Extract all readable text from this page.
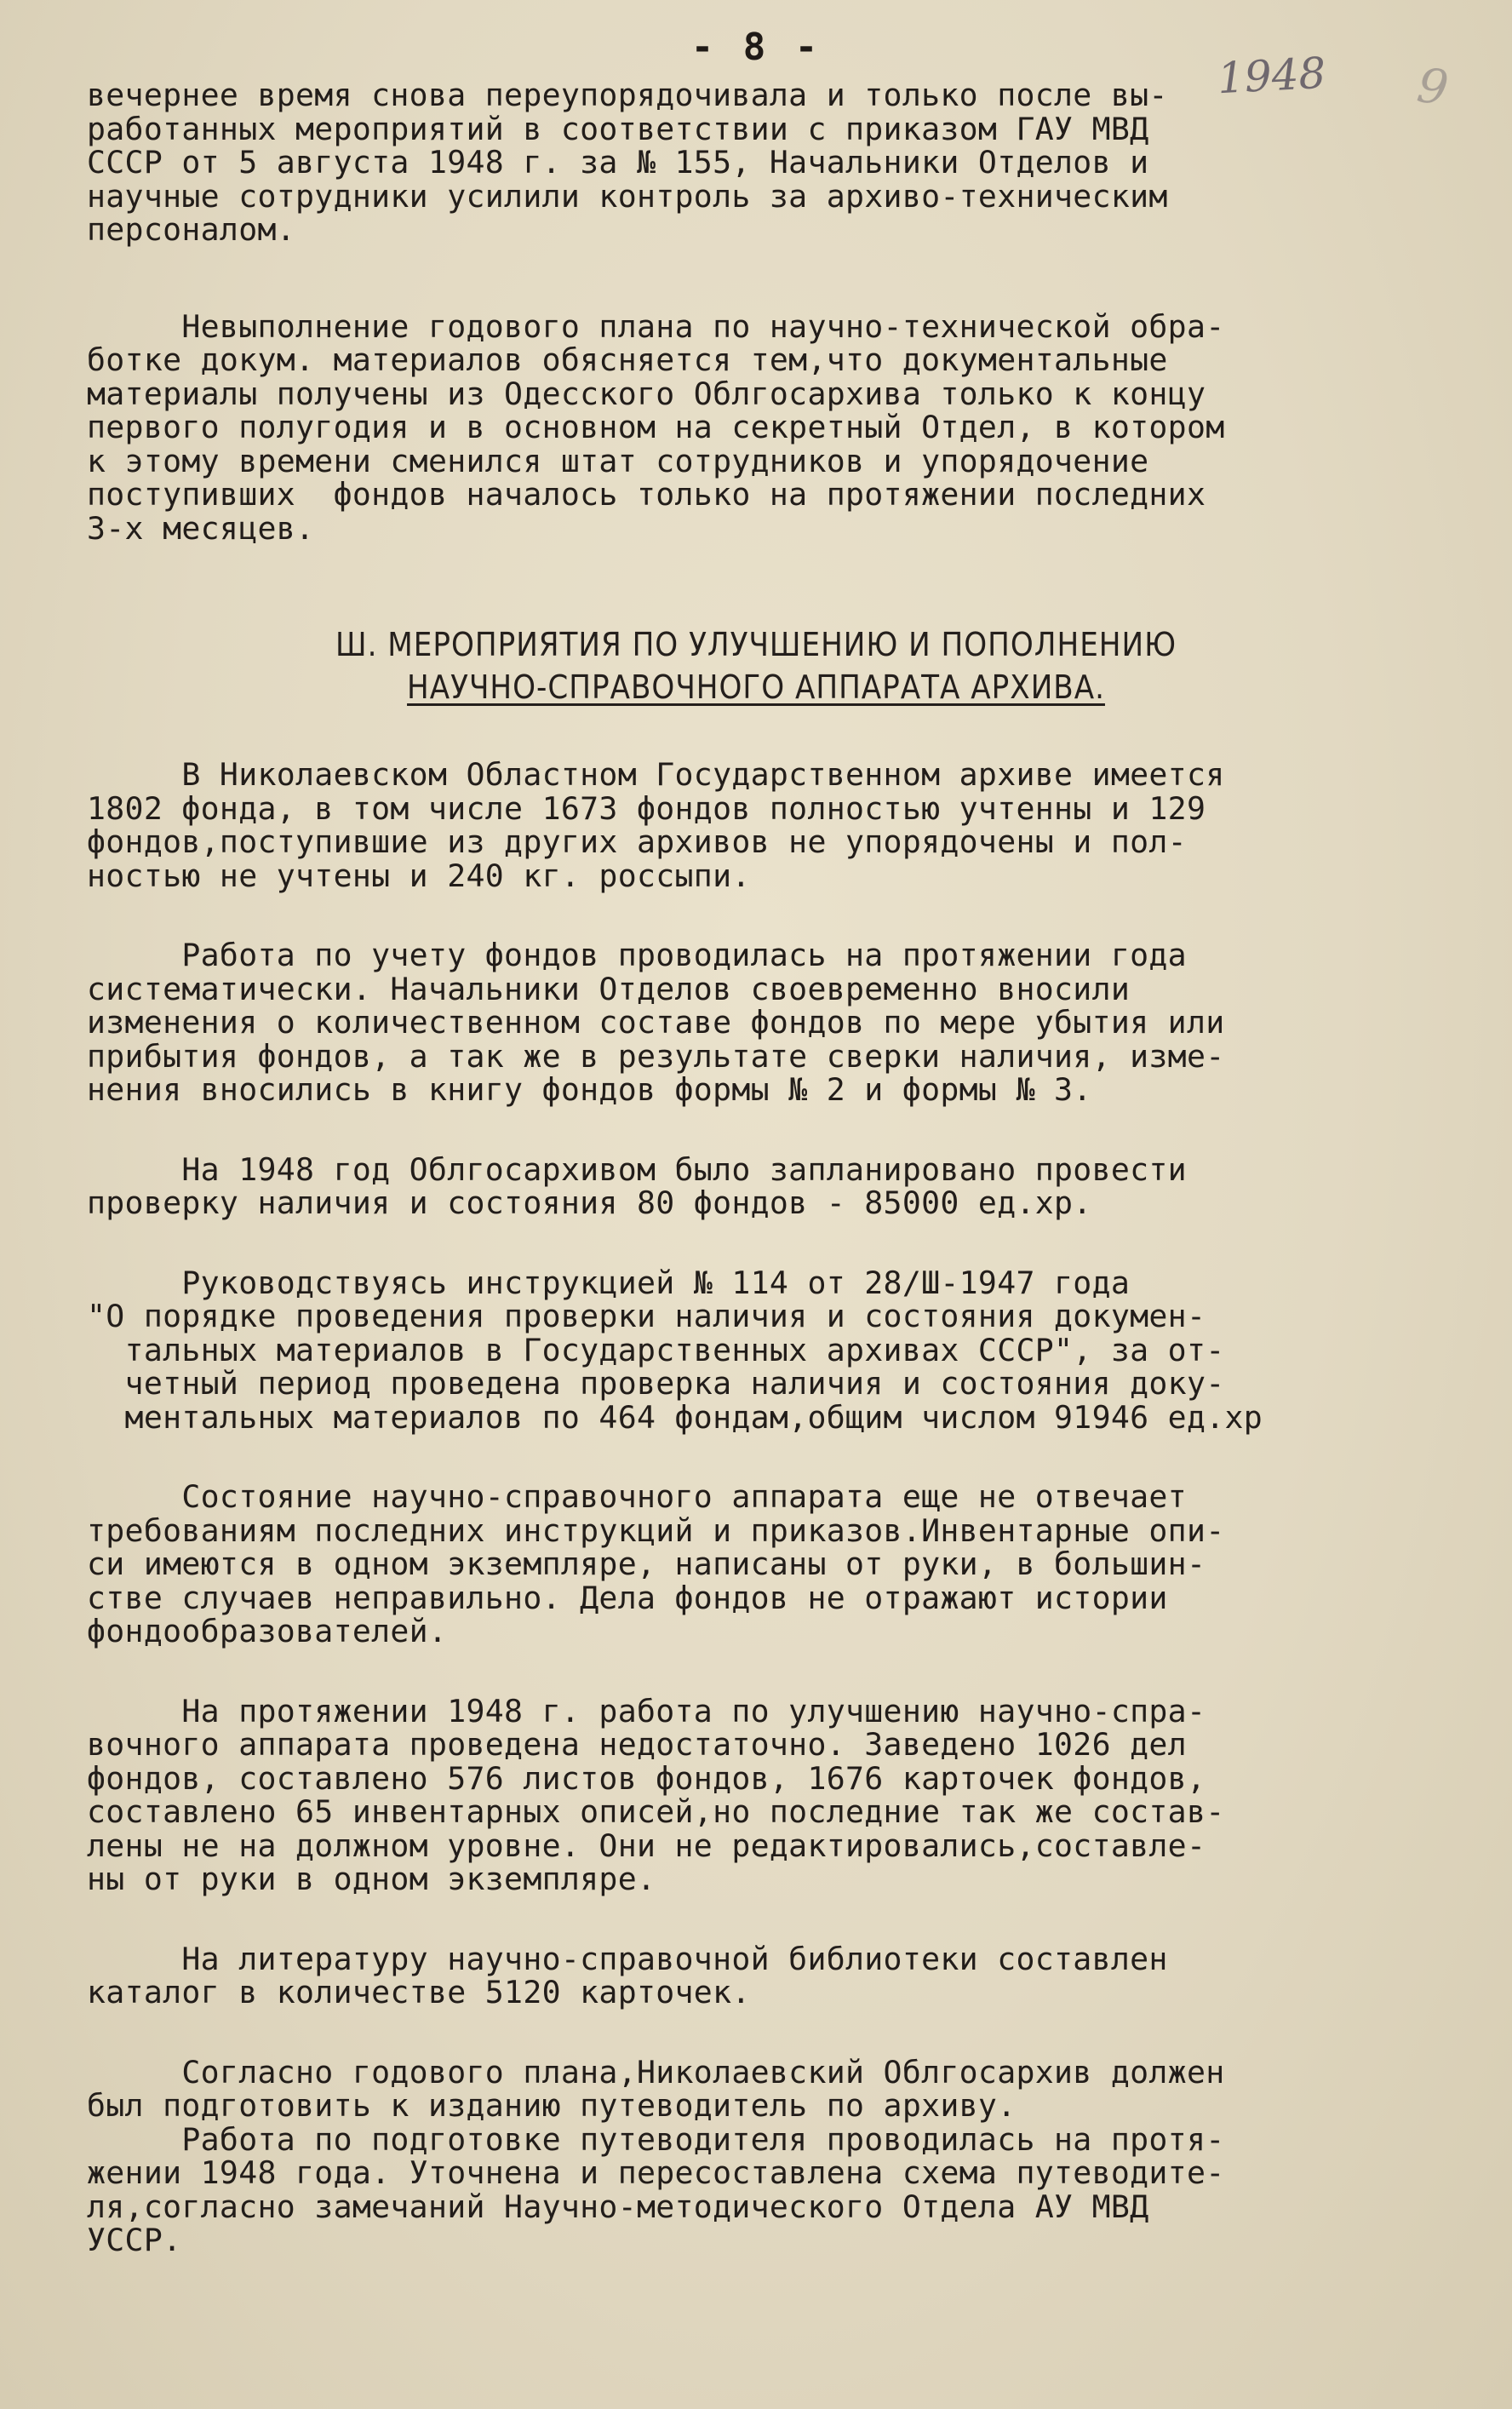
- 8 -
1948 9
вечернее время снова переупорядочивала и только после вы-
работанных мероприятий в соответствии с приказом ГАУ МВД
СССР от 5 августа 1948 г. за № 155, Начальники Отделов и
научные сотрудники усилили контроль за архиво-техническим
персоналом.
Невыполнение годового плана по научно-технической обра-
ботке докум. материалов обясняется тем,что документальные
материалы получены из Одесского Облгосархива только к концу
первого полугодия и в основном на секретный Отдел, в котором
к этому времени сменился штат сотрудников и упорядочение
поступивших  фондов началось только на протяжении последних
3-х месяцев.
Ш. МЕРОПРИЯТИЯ ПО УЛУЧШЕНИЮ И ПОПОЛНЕНИЮ
НАУЧНО-СПРАВОЧНОГО АППАРАТА АРХИВА.
В Николаевском Областном Государственном архиве имеется
1802 фонда, в том числе 1673 фондов полностью учтенны и 129
фондов,поступившие из других архивов не упорядочены и пол-
ностью не учтены и 240 кг. россыпи.
Работа по учету фондов проводилась на протяжении года
систематически. Начальники Отделов своевременно вносили
изменения о количественном составе фондов по мере убытия или
прибытия фондов, а так же в результате сверки наличия, изме-
нения вносились в книгу фондов формы № 2 и формы № 3.
На 1948 год Облгосархивом было запланировано провести
проверку наличия и состояния 80 фондов - 85000 ед.хр.
Руководствуясь инструкцией № 114 от 28/Ш-1947 года
"О порядке проведения проверки наличия и состояния докумен-
тальных материалов в Государственных архивах СССР", за от-
четный период проведена проверка наличия и состояния доку-
ментальных материалов по 464 фондам,общим числом 91946 ед.хр
Состояние научно-справочного аппарата еще не отвечает
требованиям последних инструкций и приказов.Инвентарные опи-
си имеются в одном экземпляре, написаны от руки, в большин-
стве случаев неправильно. Дела фондов не отражают истории
фондообразователей.
На протяжении 1948 г. работа по улучшению научно-спра-
вочного аппарата проведена недостаточно. Заведено 1026 дел
фондов, составлено 576 листов фондов, 1676 карточек фондов,
составлено 65 инвентарных описей,но последние так же состав-
лены не на должном уровне. Они не редактировались,составле-
ны от руки в одном экземпляре.
На литературу научно-справочной библиотеки составлен
каталог в количестве 5120 карточек.
Согласно годового плана,Николаевский Облгосархив должен
был подготовить к изданию путеводитель по архиву.
Работа по подготовке путеводителя проводилась на протя-
жении 1948 года. Уточнена и пересоставлена схема путеводите-
ля,согласно замечаний Научно-методического Отдела АУ МВД
УССР.
